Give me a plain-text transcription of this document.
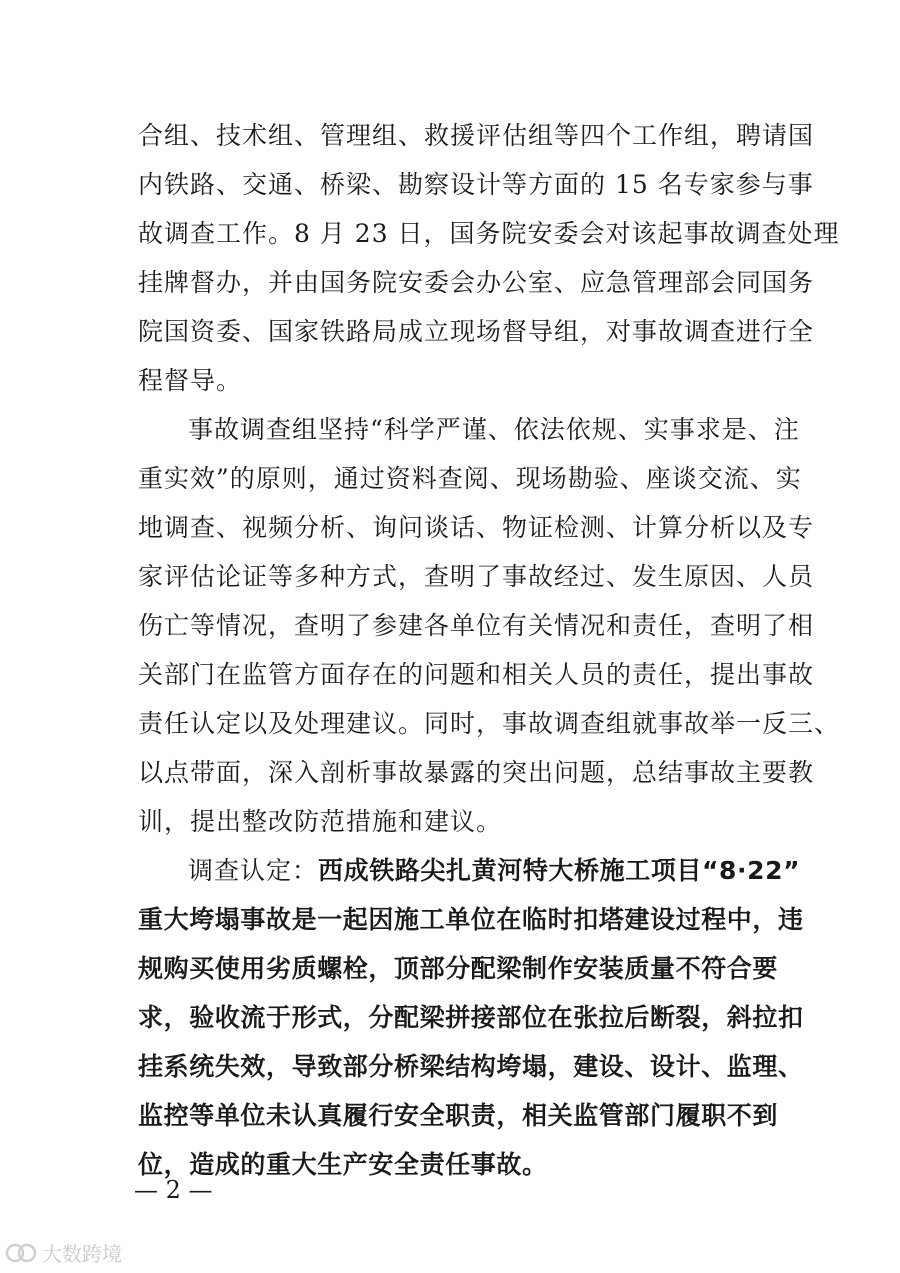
合组、技术组、管理组、救援评估组等四个工作组，聘请国
内铁路、交通、桥梁、勘察设计等方面的 15 名专家参与事
故调查工作。8 月 23 日，国务院安委会对该起事故调查处理
挂牌督办，并由国务院安委会办公室、应急管理部会同国务
院国资委、国家铁路局成立现场督导组，对事故调查进行全
程督导。
事故调查组坚持“科学严谨、依法依规、实事求是、注
重实效”的原则，通过资料查阅、现场勘验、座谈交流、实
地调查、视频分析、询问谈话、物证检测、计算分析以及专
家评估论证等多种方式，查明了事故经过、发生原因、人员
伤亡等情况，查明了参建各单位有关情况和责任，查明了相
关部门在监管方面存在的问题和相关人员的责任，提出事故
责任认定以及处理建议。同时，事故调查组就事故举一反三、
以点带面，深入剖析事故暴露的突出问题，总结事故主要教
训，提出整改防范措施和建议。
调查认定：西成铁路尖扎黄河特大桥施工项目“8·22”
重大垮塌事故是一起因施工单位在临时扣塔建设过程中，违
规购买使用劣质螺栓，顶部分配梁制作安装质量不符合要
求，验收流于形式，分配梁拼接部位在张拉后断裂，斜拉扣
挂系统失效，导致部分桥梁结构垮塌，建设、设计、监理、
监控等单位未认真履行安全职责，相关监管部门履职不到
位，造成的重大生产安全责任事故。
— 2 —
大数跨境
